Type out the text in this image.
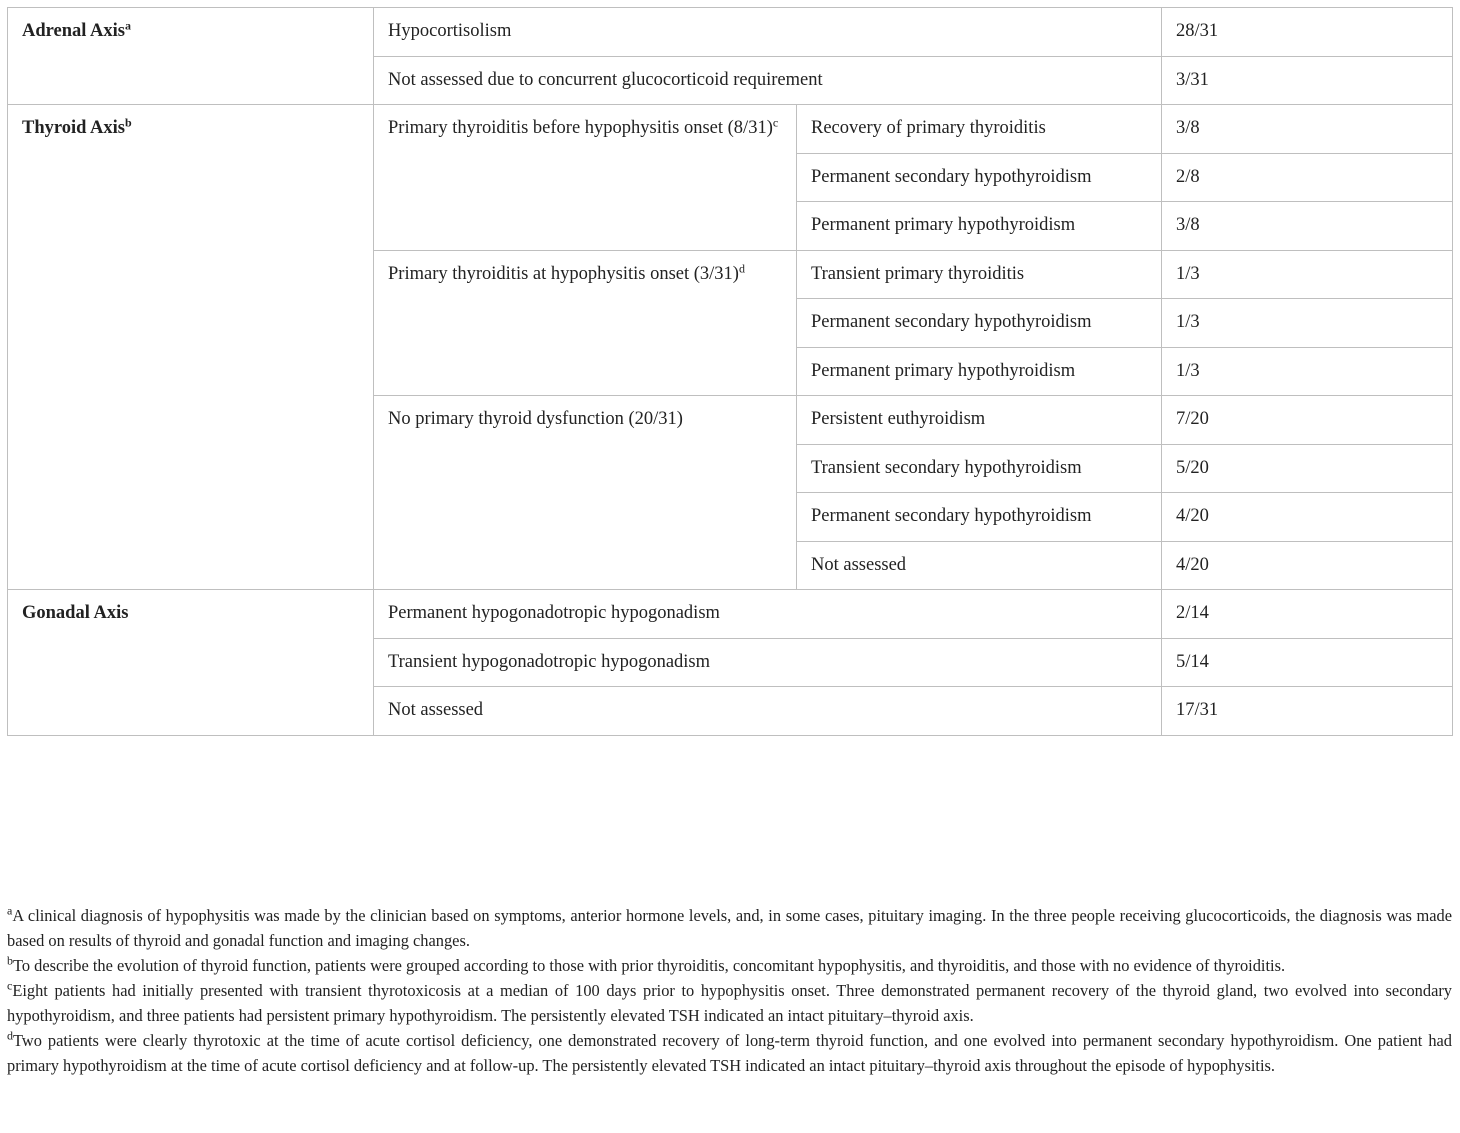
Adrenal Axis$^a$	Hypocortisolism		28/31
	Not assessed due to concurrent glucocorticoid requirement		3/31
Thyroid Axis$^b$	Primary thyroiditis before hypophysitis onset $(8/31)^c$	Recovery of primary thyroiditis	3/8
		Permanent secondary hypothyroidism	2/8
		Permanent primary hypothyroidism	3/8
	Primary thyroiditis at hypophysitis onset $(3/31)^d$	Transient primary thyroiditis	1/3
		Permanent secondary hypothyroidism	1/3
		Permanent primary hypothyroidism	1/3
	No primary thyroid dysfunction (20/31)	Persistent euthyroidism	7/20
		Transient secondary hypothyroidism	5/20
		Permanent secondary hypothyroidism	4/20
		Not assessed	4/20
Gonadal Axis	Permanent hypogonadotropic hypogonadism		2/14
	Transient hypogonadotropic hypogonadism		5/14
	Not assessed		17/31

$^a$A clinical diagnosis of hypophysitis was made by the clinician based on symptoms, anterior hormone levels, and, in some cases, pituitary imaging. In the three people receiving glucocorticoids, the diagnosis was made based on results of thyroid and gonadal function and imaging changes.

$^b$To describe the evolution of thyroid function, patients were grouped according to those with prior thyroiditis, concomitant hypophysitis, and thyroiditis, and those with no evidence of thyroiditis.

$^c$Eight patients had initially presented with transient thyrotoxicosis at a median of 100 days prior to hypophysitis onset. Three demonstrated permanent recovery of the thyroid gland, two evolved into secondary hypothyroidism, and three patients had persistent primary hypothyroidism. The persistently elevated TSH indicated an intact pituitary–thyroid axis.

$^d$Two patients were clearly thyrotoxic at the time of acute cortisol deficiency, one demonstrated recovery of long-term thyroid function, and one evolved into permanent secondary hypothyroidism. One patient had primary hypothyroidism at the time of acute cortisol deficiency and at follow-up. The persistently elevated TSH indicated an intact pituitary–thyroid axis throughout the episode of hypophysitis.
